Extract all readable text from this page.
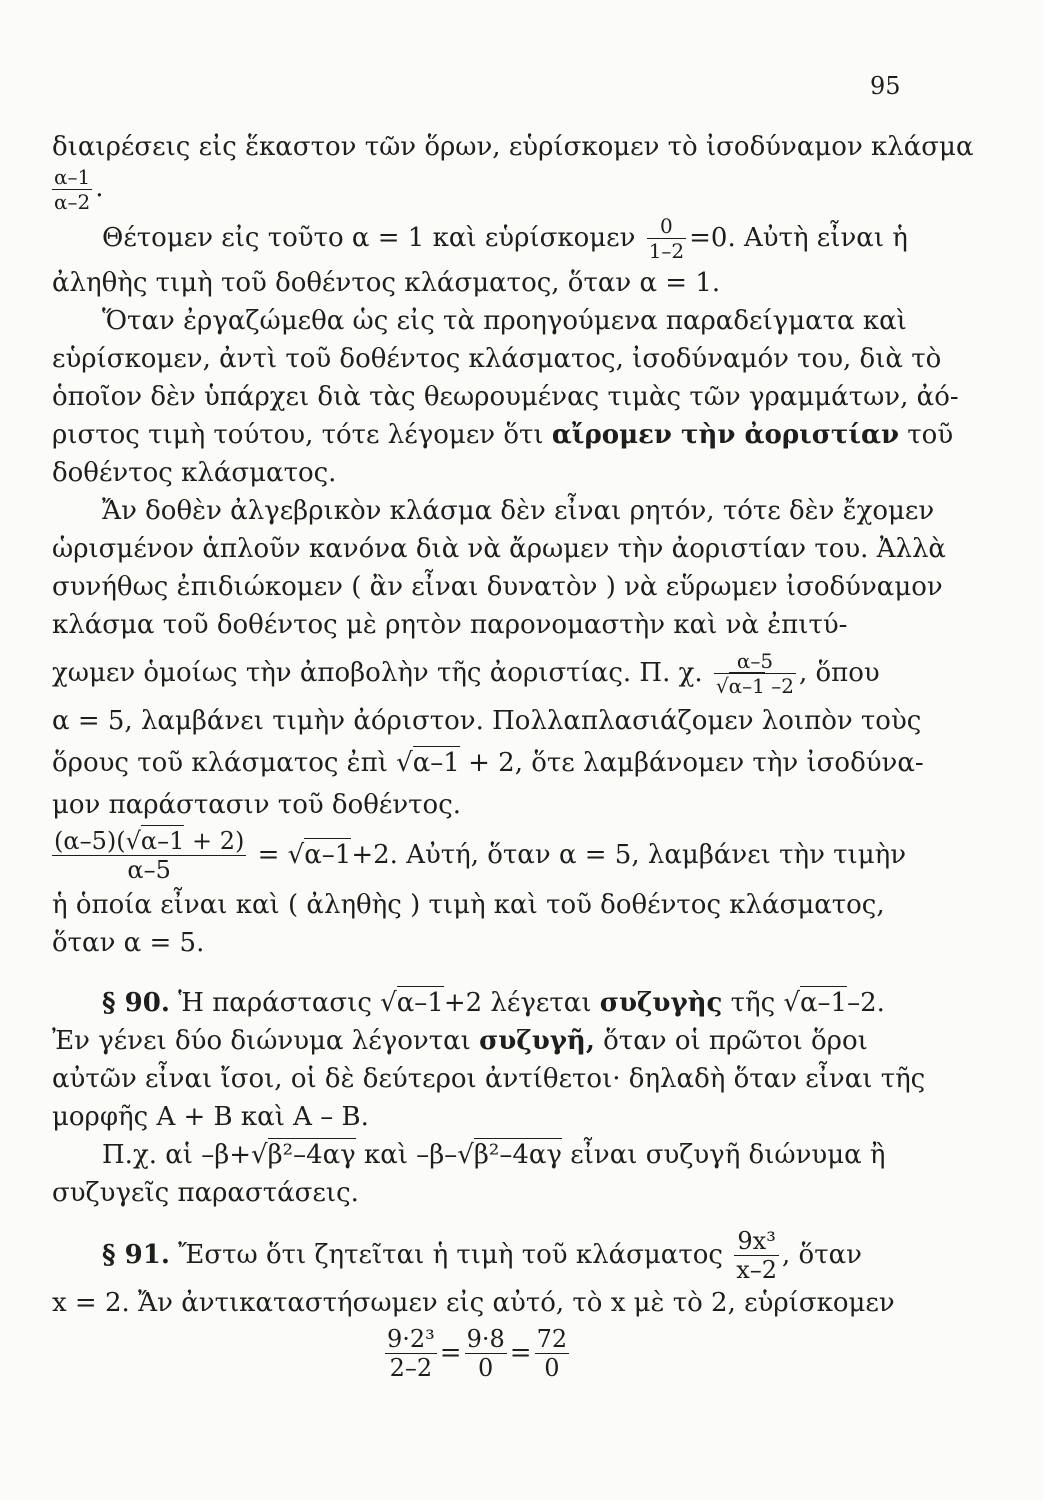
95
διαιρέσεις εἰς ἕκαστον τῶν ὅρων, εὑρίσκομεν τὸ ἰσοδύναμον κλάσμα
$\frac{\alpha-1}{\alpha-2}$ .
Θέτομεν εἰς τοῦτο α = 1 καὶ εὑρίσκομεν $\frac{0}{1-2} =0$. Αὐτὴ εἶναι ἡ
ἀληθὴς τιμὴ τοῦ δοθέντος κλάσματος, ὅταν α = 1.
Ὅταν ἐργαζώμεθα ὡς εἰς τὰ προηγούμενα παραδείγματα καὶ
εὑρίσκομεν, ἀντὶ τοῦ δοθέντος κλάσματος, ἰσοδύναμόν του, διὰ τὸ
ὁποῖον δὲν ὑπάρχει διὰ τὰς θεωρουμένας τιμὰς τῶν γραμμάτων, ἀό-
ριστος τιμὴ τούτου, τότε λέγομεν ὅτι αἴρομεν τὴν ἀοριστίαν τοῦ
δοθέντος κλάσματος.
Ἄν δοθὲν ἀλγεβρικὸν κλάσμα δὲν εἶναι ρητόν, τότε δὲν ἔχομεν
ὡρισμένον ἁπλοῦν κανόνα διὰ νὰ ἄρωμεν τὴν ἀοριστίαν του. Ἀλλὰ
συνήθως ἐπιδιώκομεν ( ἂν εἶναι δυνατὸν ) νὰ εὕρωμεν ἰσοδύναμον
κλάσμα τοῦ δοθέντος μὲ ρητὸν παρονομαστὴν καὶ νὰ ἐπιτύ-
χωμεν ὁμοίως τὴν ἀποβολὴν τῆς ἀοριστίας. Π. χ. $\frac{\alpha-5}{√\alpha-1 -2}$ , ὅπου
α = 5, λαμβάνει τιμὴν ἀόριστον. Πολλαπλασιάζομεν λοιπὸν τοὺς
ὅρους τοῦ κλάσματος ἐπὶ √α–1 + 2, ὅτε λαμβάνομεν τὴν ἰσοδύνα-
μον παράστασιν τοῦ δοθέντος.
$\frac{(\alpha-5)(√\alpha-1 + 2)}{\alpha-5} = √\alpha-1+2$. Αὐτή, ὅταν α = 5, λαμβάνει τὴν τιμὴν
ἡ ὁποία εἶναι καὶ ( ἀληθὴς ) τιμὴ καὶ τοῦ δοθέντος κλάσματος,
ὅταν α = 5.
§ 90. Ἡ παράστασις √α–1+2 λέγεται συζυγὴς τῆς √α–1–2.
Ἐν γένει δύο διώνυμα λέγονται συζυγῆ, ὅταν οἱ πρῶτοι ὅροι
αὐτῶν εἶναι ἴσοι, οἱ δὲ δεύτεροι ἀντίθετοι· δηλαδὴ ὅταν εἶναι τῆς
μορφῆς Α + Β καὶ Α – Β.
Π.χ. αἱ –β+√β²–4αγ καὶ –β–√β²–4αγ εἶναι συζυγῆ διώνυμα ἢ
συζυγεῖς παραστάσεις.
§ 91. Ἔστω ὅτι ζητεῖται ἡ τιμὴ τοῦ κλάσματος $\frac{\text{9x³}}{x-2}$ , ὅταν
x = 2. Ἄν ἀντικαταστήσωμεν εἰς αὐτό, τὸ x μὲ τὸ 2, εὑρίσκομεν
$\frac{\text{9·2³}}{2-2} = \frac{9\cdot 8}{0} = \frac{72}{0}$
